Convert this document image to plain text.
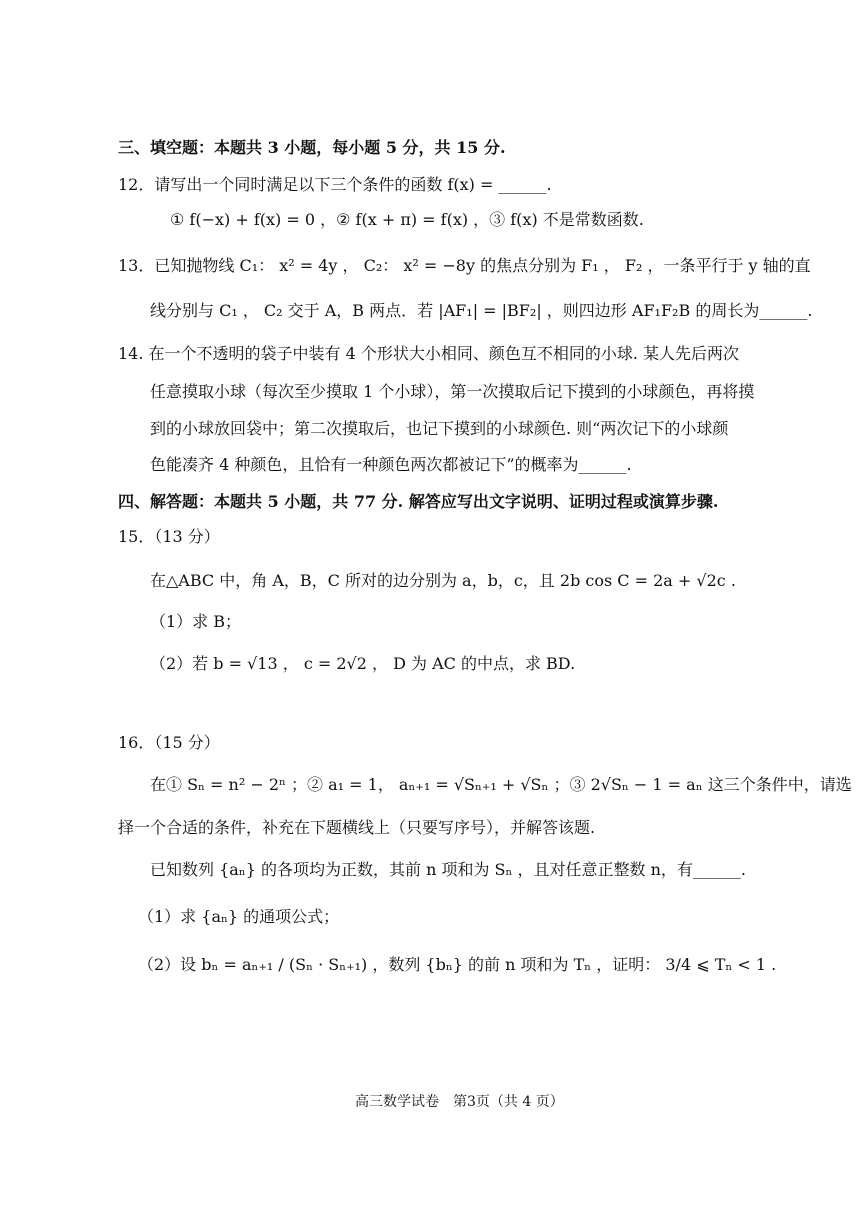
三、填空题：本题共 3 小题，每小题 5 分，共 15 分.
12．请写出一个同时满足以下三个条件的函数 f(x) = ______.
① f(−x) + f(x) = 0 ，② f(x + π) = f(x) ，③ f(x) 不是常数函数.
13．已知抛物线 C₁： x² = 4y ， C₂： x² = −8y 的焦点分别为 F₁ ， F₂ ，一条平行于 y 轴的直
线分别与 C₁ ， C₂ 交于 A，B 两点．若 |AF₁| = |BF₂| ，则四边形 AF₁F₂B 的周长为______.
14. 在一个不透明的袋子中装有 4 个形状大小相同、颜色互不相同的小球. 某人先后两次
任意摸取小球（每次至少摸取 1 个小球），第一次摸取后记下摸到的小球颜色，再将摸
到的小球放回袋中；第二次摸取后，也记下摸到的小球颜色. 则“两次记下的小球颜
色能凑齐 4 种颜色，且恰有一种颜色两次都被记下”的概率为______.
四、解答题：本题共 5 小题，共 77 分. 解答应写出文字说明、证明过程或演算步骤.
15．（13 分）
在△ABC 中，角 A，B，C 所对的边分别为 a，b，c，且 2b cos C = 2a + √2c .
（1）求 B；
（2）若 b = √13 ， c = 2√2 ， D 为 AC 的中点，求 BD.
16．（15 分）
在① Sₙ = n² − 2ⁿ ；② a₁ = 1， aₙ₊₁ = √Sₙ₊₁ + √Sₙ ；③ 2√Sₙ − 1 = aₙ 这三个条件中，请选
择一个合适的条件，补充在下题横线上（只要写序号），并解答该题.
已知数列 {aₙ} 的各项均为正数，其前 n 项和为 Sₙ ，且对任意正整数 n，有______.
（1）求 {aₙ} 的通项公式；
（2）设 bₙ = aₙ₊₁ / (Sₙ · Sₙ₊₁) ，数列 {bₙ} 的前 n 项和为 Tₙ ，证明： 3/4 ⩽ Tₙ < 1 .
高三数学试卷　第3页（共 4 页）
